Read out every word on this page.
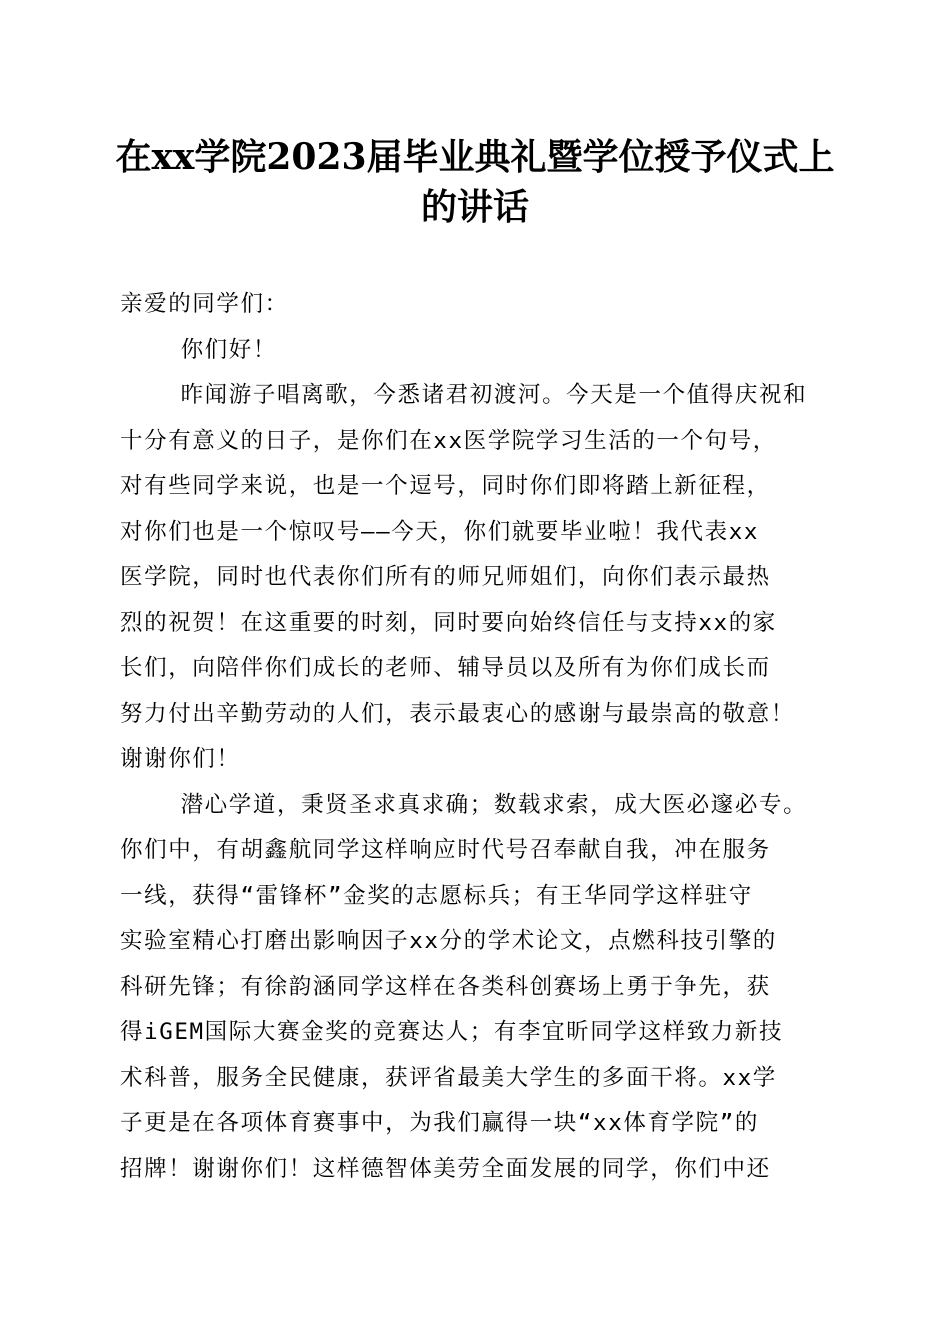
在xx学院2023届毕业典礼暨学位授予仪式上
的讲话
亲爱的同学们：
你们好！
昨闻游子唱离歌，今悉诸君初渡河。今天是一个值得庆祝和
十分有意义的日子，是你们在xx医学院学习生活的一个句号，
对有些同学来说，也是一个逗号，同时你们即将踏上新征程，
对你们也是一个惊叹号——今天，你们就要毕业啦！我代表xx
医学院，同时也代表你们所有的师兄师姐们，向你们表示最热
烈的祝贺！在这重要的时刻，同时要向始终信任与支持xx的家
长们，向陪伴你们成长的老师、辅导员以及所有为你们成长而
努力付出辛勤劳动的人们，表示最衷心的感谢与最崇高的敬意！
谢谢你们！
潜心学道，秉贤圣求真求确；数载求索，成大医必邃必专。
你们中，有胡鑫航同学这样响应时代号召奉献自我，冲在服务
一线，获得“雷锋杯”金奖的志愿标兵；有王华同学这样驻守
实验室精心打磨出影响因子xx分的学术论文，点燃科技引擎的
科研先锋；有徐韵涵同学这样在各类科创赛场上勇于争先，获
得iGEM国际大赛金奖的竞赛达人；有李宜昕同学这样致力新技
术科普，服务全民健康，获评省最美大学生的多面干将。xx学
子更是在各项体育赛事中，为我们赢得一块“xx体育学院”的
招牌！谢谢你们！这样德智体美劳全面发展的同学，你们中还
